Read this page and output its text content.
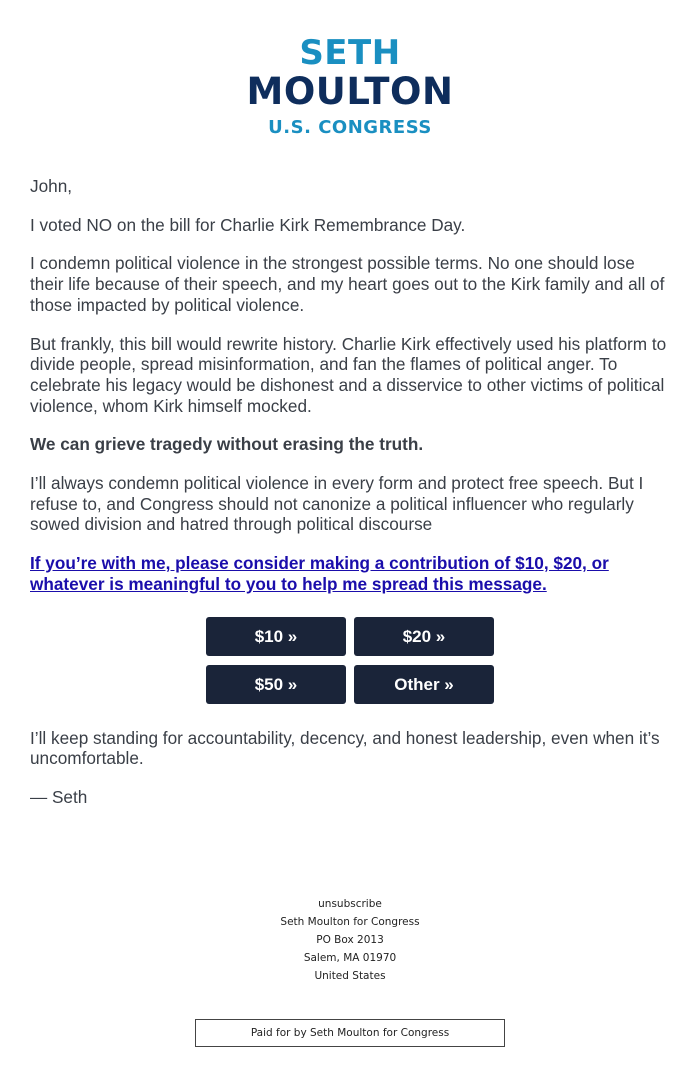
SETH
MOULTON
U.S. CONGRESS

John,

I voted NO on the bill for Charlie Kirk Remembrance Day.

I condemn political violence in the strongest possible terms. No one should lose their life because of their speech, and my heart goes out to the Kirk family and all of those impacted by political violence.

But frankly, this bill would rewrite history. Charlie Kirk effectively used his platform to divide people, spread misinformation, and fan the flames of political anger. To celebrate his legacy would be dishonest and a disservice to other victims of political violence, whom Kirk himself mocked.

We can grieve tragedy without erasing the truth.

I’ll always condemn political violence in every form and protect free speech. But I refuse to, and Congress should not canonize a political influencer who regularly sowed division and hatred through political discourse

If you’re with me, please consider making a contribution of $10, $20, or whatever is meaningful to you to help me spread this message.
$10 »	$20 »
$50 »	Other »

I’ll keep standing for accountability, decency, and honest leadership, even when it’s uncomfortable.

— Seth

unsubscribe
Seth Moulton for Congress
PO Box 2013
Salem, MA 01970
United States
Paid for by Seth Moulton for Congress
